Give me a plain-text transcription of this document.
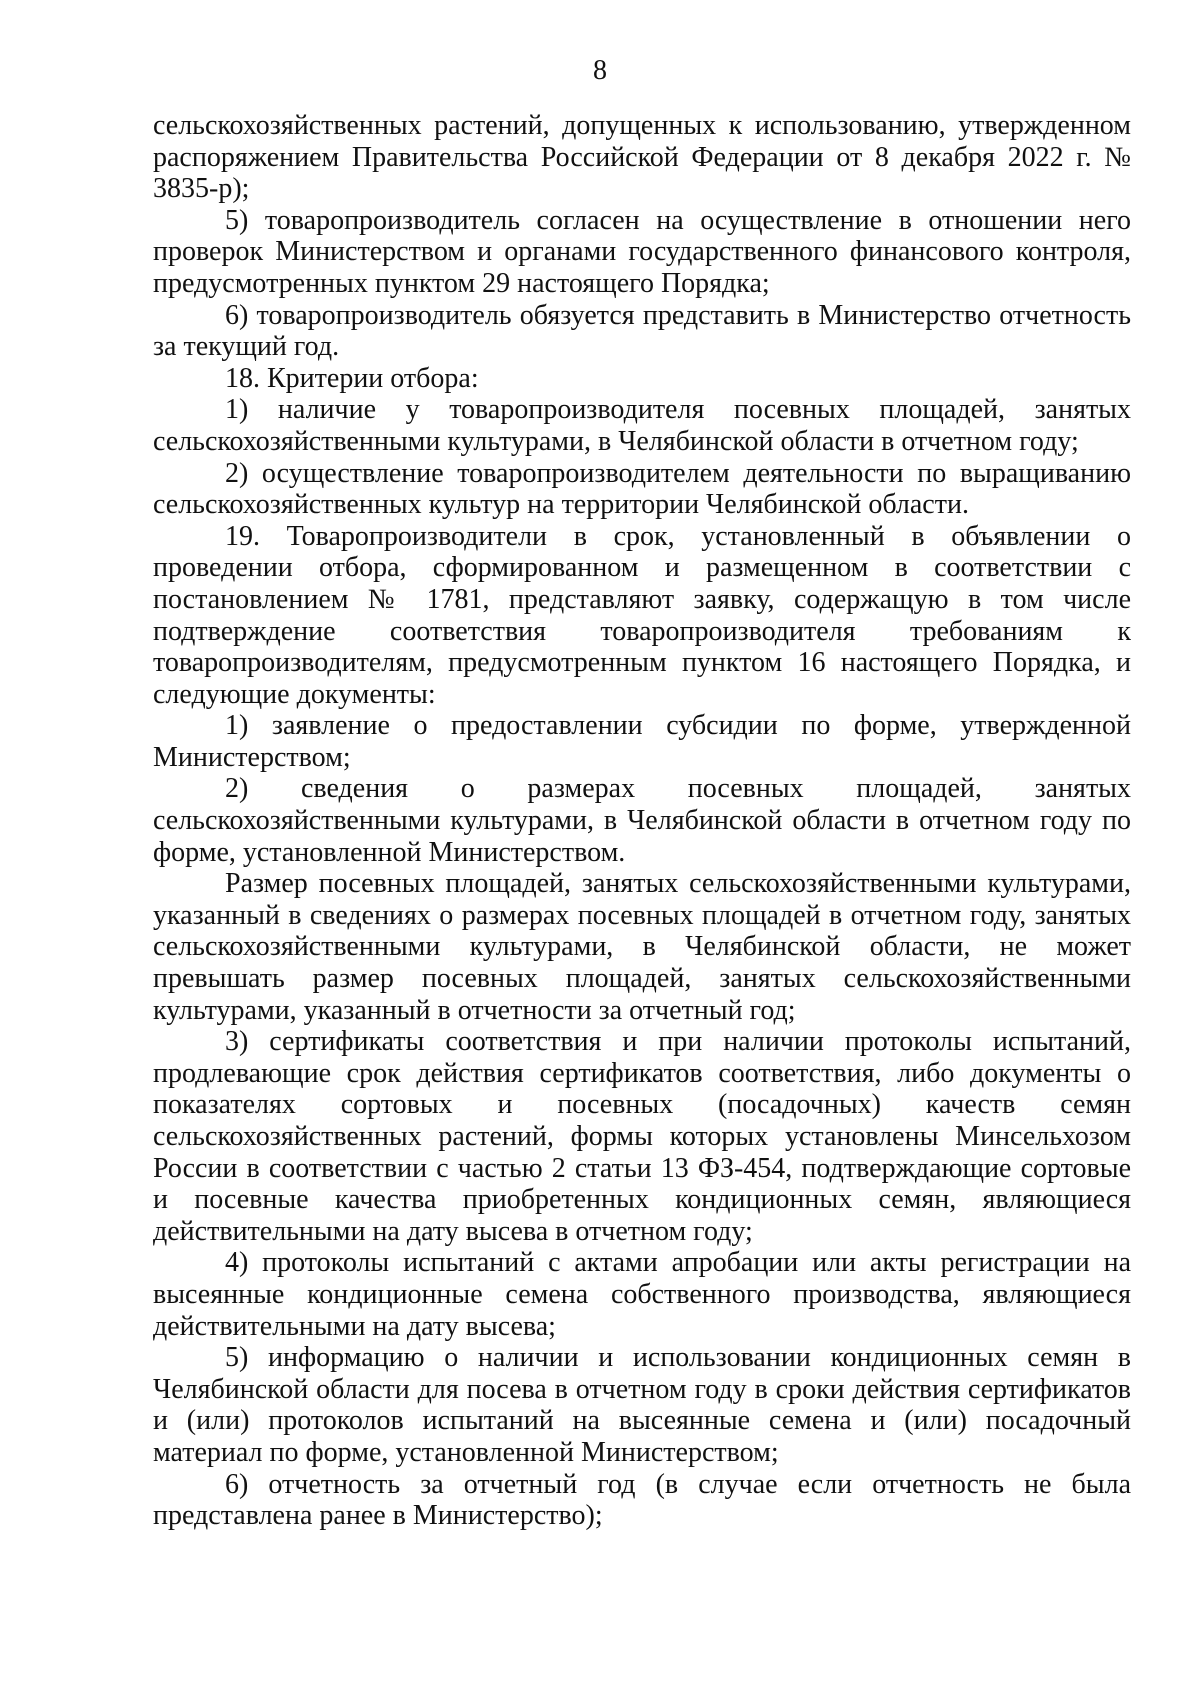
8

сельскохозяйственных растений, допущенных к использованию, утвержденном распоряжением Правительства Российской Федерации от 8 декабря 2022 г. № 3835-р);

5) товаропроизводитель согласен на осуществление в отношении него проверок Министерством и органами государственного финансового контроля, предусмотренных пунктом 29 настоящего Порядка;

6) товаропроизводитель обязуется представить в Министерство отчетность за текущий год.

18. Критерии отбора:

1) наличие у товаропроизводителя посевных площадей, занятых сельскохозяйственными культурами, в Челябинской области в отчетном году;

2) осуществление товаропроизводителем деятельности по выращиванию сельскохозяйственных культур на территории Челябинской области.

19. Товаропроизводители в срок, установленный в объявлении о проведении отбора, сформированном и размещенном в соответствии с постановлением № 1781, представляют заявку, содержащую в том числе подтверждение соответствия товаропроизводителя требованиям к товаропроизводителям, предусмотренным пунктом 16 настоящего Порядка, и следующие документы:

1) заявление о предоставлении субсидии по форме, утвержденной Министерством;

2) сведения о размерах посевных площадей, занятых сельскохозяйственными культурами, в Челябинской области в отчетном году по форме, установленной Министерством.

Размер посевных площадей, занятых сельскохозяйственными культурами, указанный в сведениях о размерах посевных площадей в отчетном году, занятых сельскохозяйственными культурами, в Челябинской области, не может превышать размер посевных площадей, занятых сельскохозяйственными культурами, указанный в отчетности за отчетный год;

3) сертификаты соответствия и при наличии протоколы испытаний, продлевающие срок действия сертификатов соответствия, либо документы о показателях сортовых и посевных (посадочных) качеств семян сельскохозяйственных растений, формы которых установлены Минсельхозом России в соответствии с частью 2 статьи 13 ФЗ-454, подтверждающие сортовые и посевные качества приобретенных кондиционных семян, являющиеся действительными на дату высева в отчетном году;

4) протоколы испытаний с актами апробации или акты регистрации на высеянные кондиционные семена собственного производства, являющиеся действительными на дату высева;

5) информацию о наличии и использовании кондиционных семян в Челябинской области для посева в отчетном году в сроки действия сертификатов и (или) протоколов испытаний на высеянные семена и (или) посадочный материал по форме, установленной Министерством;

6) отчетность за отчетный год (в случае если отчетность не была представлена ранее в Министерство);
